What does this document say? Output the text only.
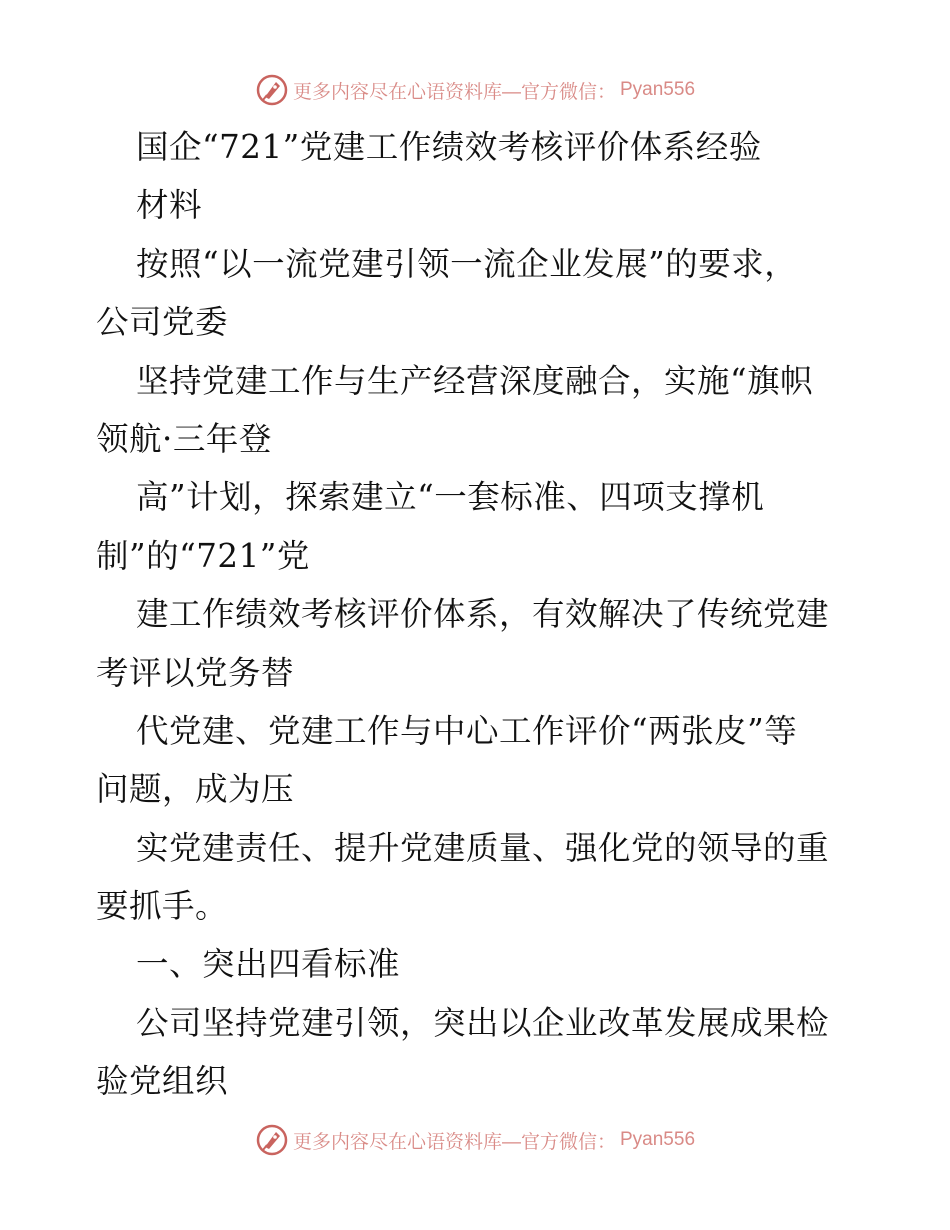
更多内容尽在心语资料库—官方微信： Pyan556
国企“721”党建工作绩效考核评价体系经验
材料
按照“以一流党建引领一流企业发展”的要求，
公司党委
坚持党建工作与生产经营深度融合，实施“旗帜
领航·三年登
高”计划，探索建立“一套标准、四项支撑机
制”的“721”党
建工作绩效考核评价体系，有效解决了传统党建
考评以党务替
代党建、党建工作与中心工作评价“两张皮”等
问题，成为压
实党建责任、提升党建质量、强化党的领导的重
要抓手。
一、突出四看标准
公司坚持党建引领，突出以企业改革发展成果检
验党组织
更多内容尽在心语资料库—官方微信： Pyan556
